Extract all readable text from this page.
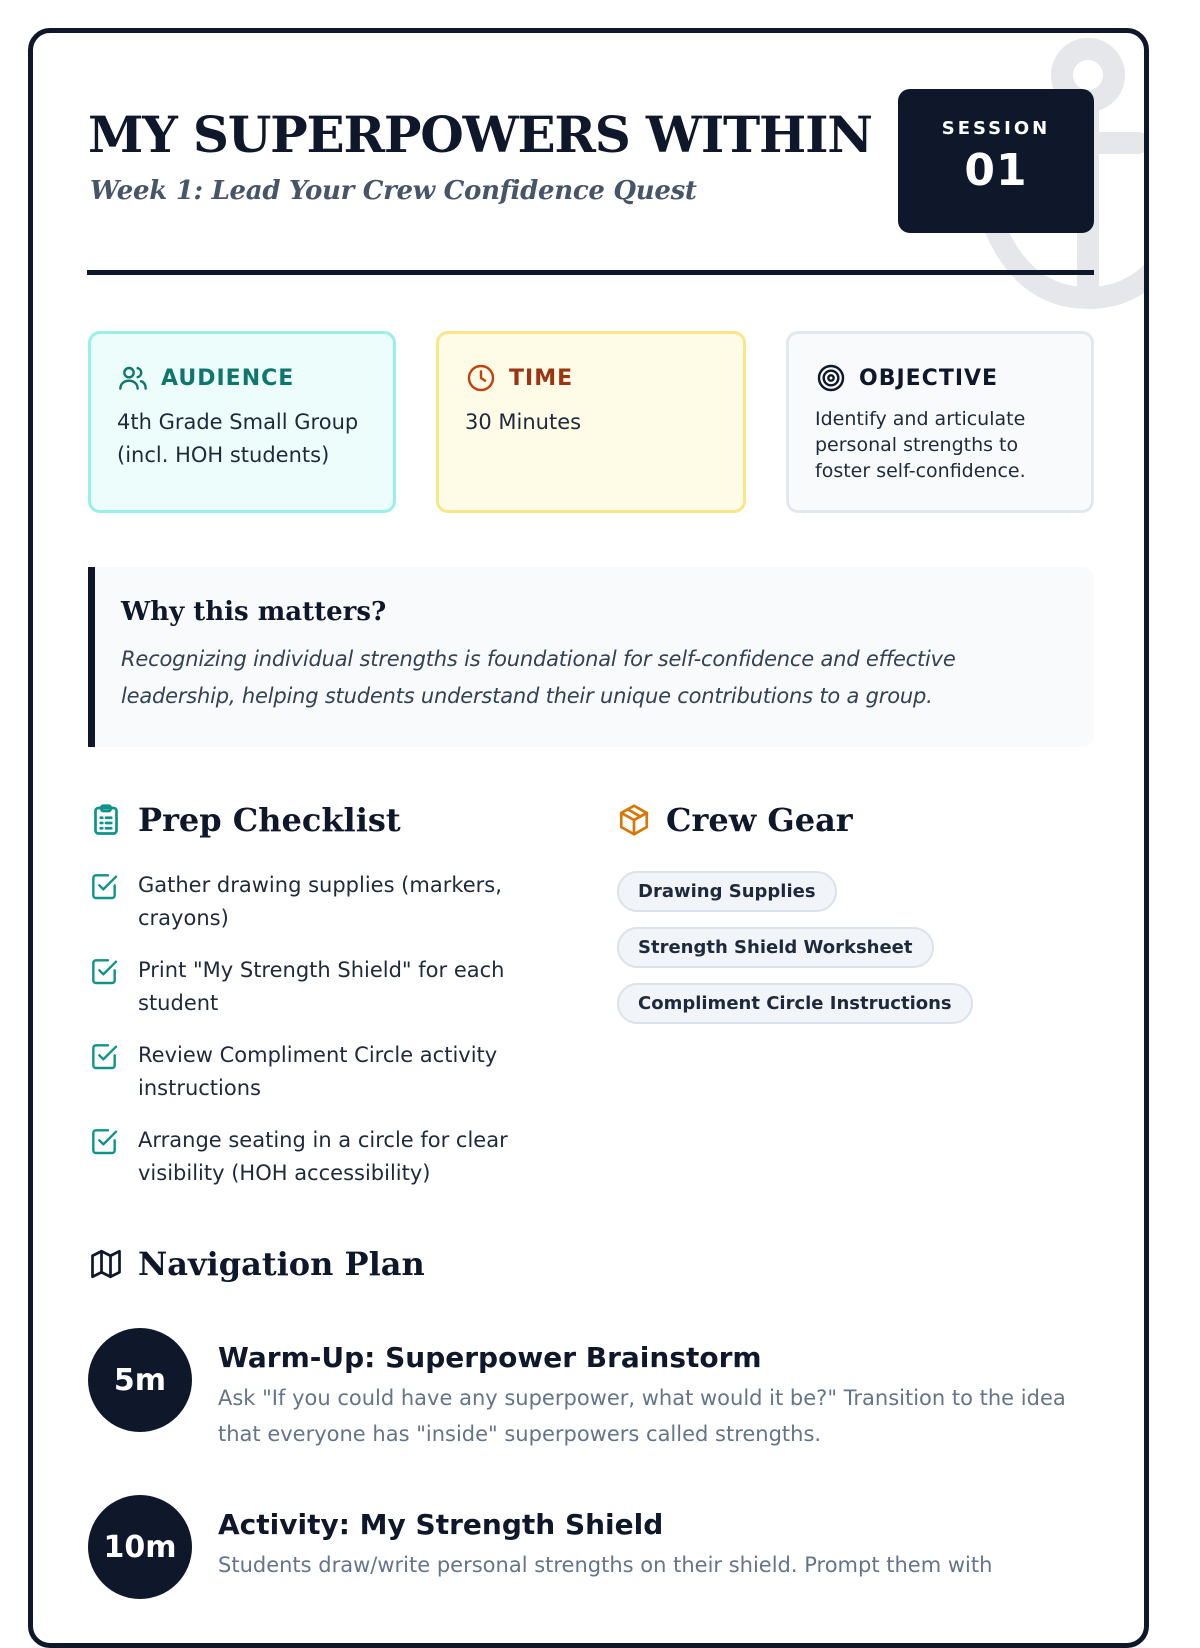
MY SUPERPOWERS WITHIN
Week 1: Lead Your Crew Confidence Quest
SESSION
01
AUDIENCE
4th Grade Small Group
(incl. HOH students)
TIME
30 Minutes
OBJECTIVE
Identify and articulate
personal strengths to
foster self-confidence.
Why this matters?
Recognizing individual strengths is foundational for self-confidence and effective
leadership, helping students understand their unique contributions to a group.
Prep Checklist
Gather drawing supplies (markers,
crayons)
Print "My Strength Shield" for each
student
Review Compliment Circle activity
instructions
Arrange seating in a circle for clear
visibility (HOH accessibility)
Crew Gear
Drawing Supplies
Strength Shield Worksheet
Compliment Circle Instructions
Navigation Plan
5m
Warm-Up: Superpower Brainstorm
Ask "If you could have any superpower, what would it be?" Transition to the idea
that everyone has "inside" superpowers called strengths.
10m
Activity: My Strength Shield
Students draw/write personal strengths on their shield. Prompt them with
